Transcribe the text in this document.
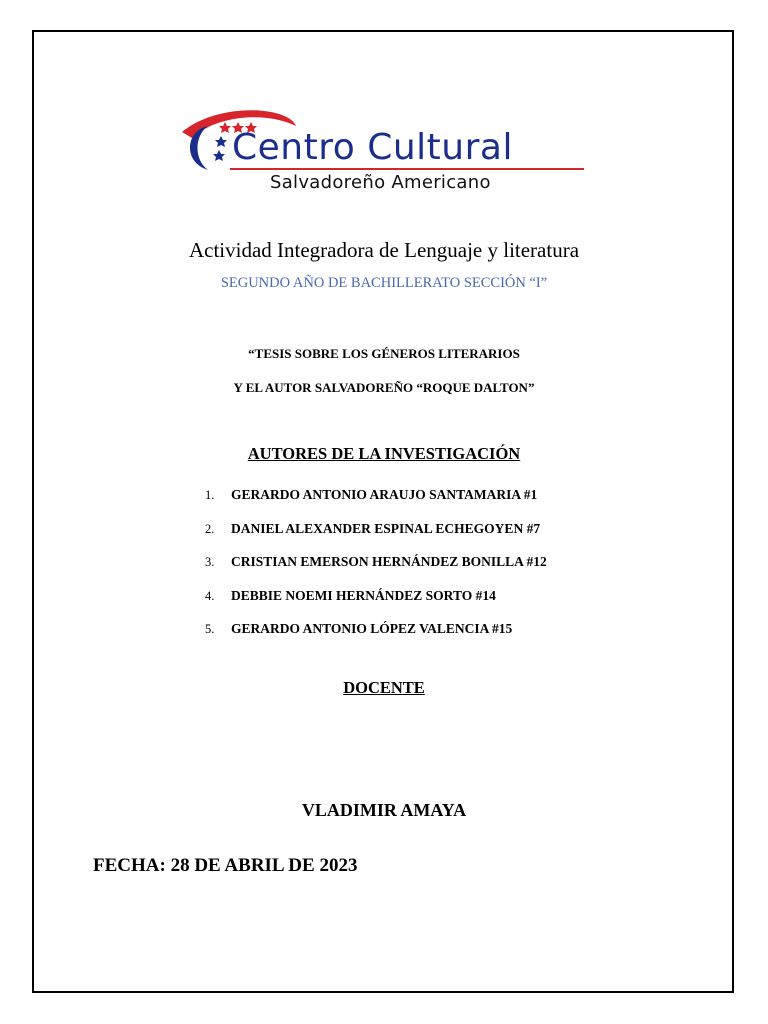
Centro Cultural
Salvadoreño Americano
Actividad Integradora de Lenguaje y literatura
SEGUNDO AÑO DE BACHILLERATO SECCIÓN “I”
“TESIS SOBRE LOS GÉNEROS LITERARIOS
Y EL AUTOR SALVADOREÑO “ROQUE DALTON”
AUTORES DE LA INVESTIGACIÓN
1. GERARDO ANTONIO ARAUJO SANTAMARIA #1
2. DANIEL ALEXANDER ESPINAL ECHEGOYEN #7
3. CRISTIAN EMERSON HERNÁNDEZ BONILLA #12
4. DEBBIE NOEMI HERNÁNDEZ SORTO #14
5. GERARDO ANTONIO LÓPEZ VALENCIA #15
DOCENTE
VLADIMIR AMAYA
FECHA: 28 DE ABRIL DE 2023
